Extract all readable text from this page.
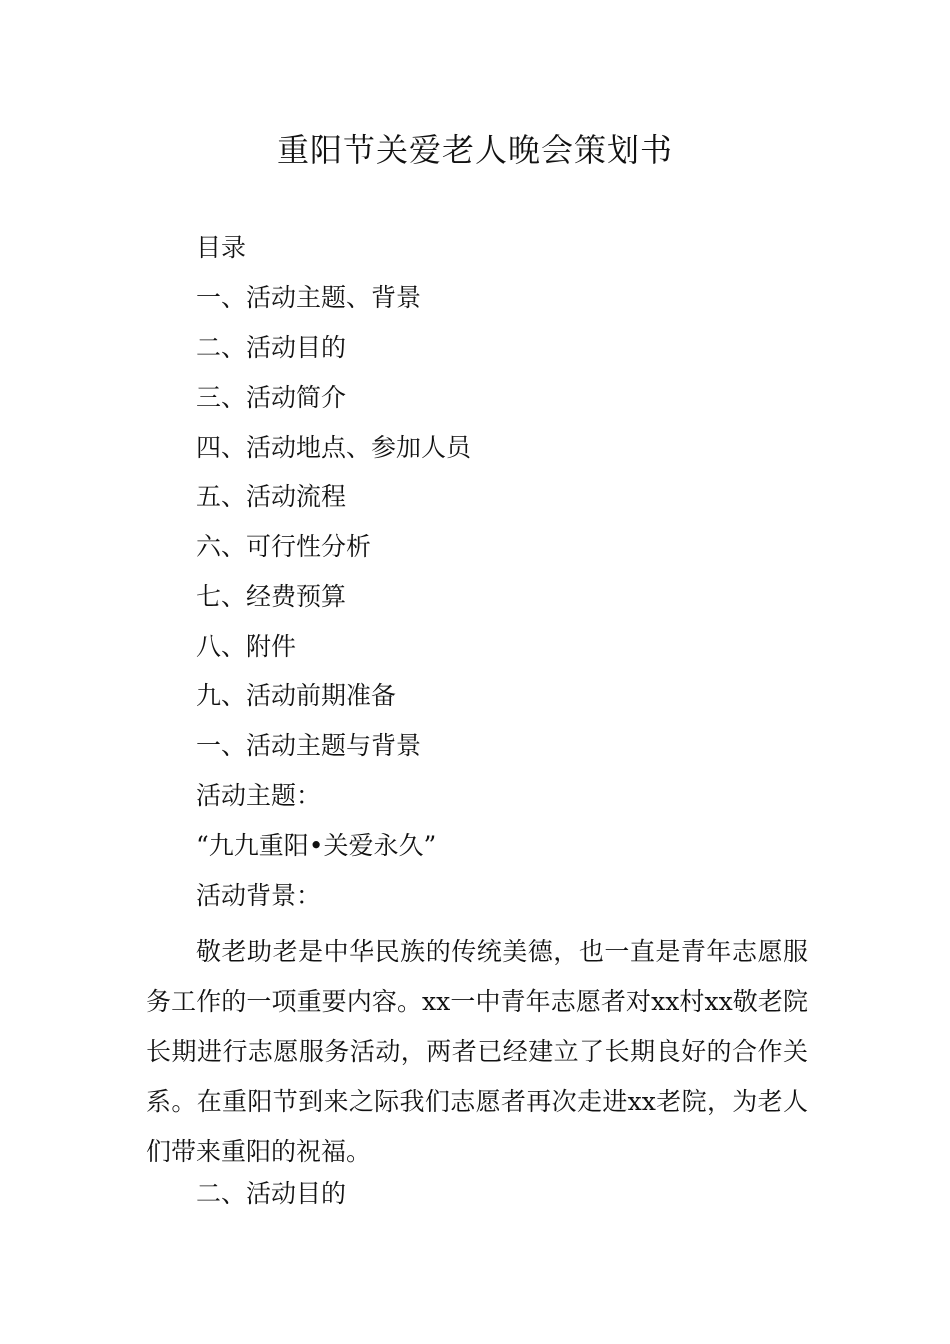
重阳节关爱老人晚会策划书

目录

一、活动主题、背景

二、活动目的

三、活动简介

四、活动地点、参加人员

五、活动流程

六、可行性分析

七、经费预算

八、附件

九、活动前期准备

一、活动主题与背景

活动主题：

“九九重阳•关爱永久”

活动背景：

敬老助老是中华民族的传统美德，也一直是青年志愿服务工作的一项重要内容。xx一中青年志愿者对xx村xx敬老院长期进行志愿服务活动，两者已经建立了长期良好的合作关系。在重阳节到来之际我们志愿者再次走进xx老院，为老人们带来重阳的祝福。

二、活动目的
